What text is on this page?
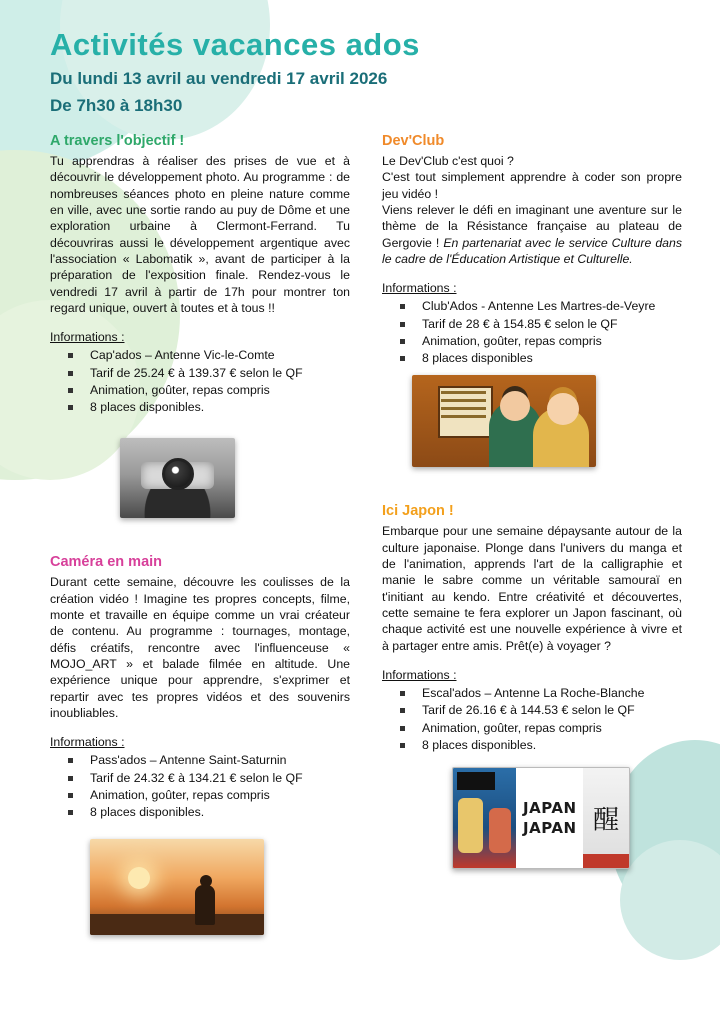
Activités vacances ados
Du lundi 13 avril au vendredi 17 avril 2026
De 7h30 à 18h30
A travers l'objectif !

Tu apprendras à réaliser des prises de vue et à découvrir le développement photo. Au programme : de nombreuses séances photo en pleine nature comme en ville, avec une sortie rando au puy de Dôme et une exploration urbaine à Clermont-Ferrand. Tu découvriras aussi le développement argentique avec l'association « Labomatik », avant de participer à la préparation de l'exposition finale. Rendez-vous le vendredi 17 avril à partir de 17h pour montrer ton regard unique, ouvert à toutes et à tous !!

Informations :
Cap'ados – Antenne Vic-le-Comte
Tarif de 25.24 € à 139.37 € selon le QF
Animation, goûter, repas compris
8 places disponibles.
Caméra en main

Durant cette semaine, découvre les coulisses de la création vidéo ! Imagine tes propres concepts, filme, monte et travaille en équipe comme un vrai créateur de contenu. Au programme : tournages, montage, défis créatifs, rencontre avec l'influenceuse « MOJO_ART » et balade filmée en altitude. Une expérience unique pour apprendre, s'exprimer et repartir avec tes propres vidéos et des souvenirs inoubliables.

Informations :
Pass'ados – Antenne Saint-Saturnin
Tarif de 24.32 € à 134.21 € selon le QF
Animation, goûter, repas compris
8 places disponibles.
Dev'Club

Le Dev'Club c'est quoi ?

C'est tout simplement apprendre à coder son propre jeu vidéo !

Viens relever le défi en imaginant une aventure sur le thème de la Résistance française au plateau de Gergovie ! En partenariat avec le service Culture dans le cadre de l'Éducation Artistique et Culturelle.

Informations :
Club'Ados - Antenne Les Martres-de-Veyre
Tarif de 28 € à 154.85 € selon le QF
Animation, goûter, repas compris
8 places disponibles
Ici Japon !

Embarque pour une semaine dépaysante autour de la culture japonaise. Plonge dans l'univers du manga et de l'animation, apprends l'art de la calligraphie et manie le sabre comme un véritable samouraï en t'initiant au kendo. Entre créativité et découvertes, cette semaine te fera explorer un Japon fascinant, où chaque activité est une nouvelle expérience à vivre et à partager entre amis. Prêt(e) à voyager ?

Informations :
Escal'ados – Antenne La Roche-Blanche
Tarif de 26.16 € à 144.53 € selon le QF
Animation, goûter, repas compris
8 places disponibles.
JAPAN
JAPAN 醒
